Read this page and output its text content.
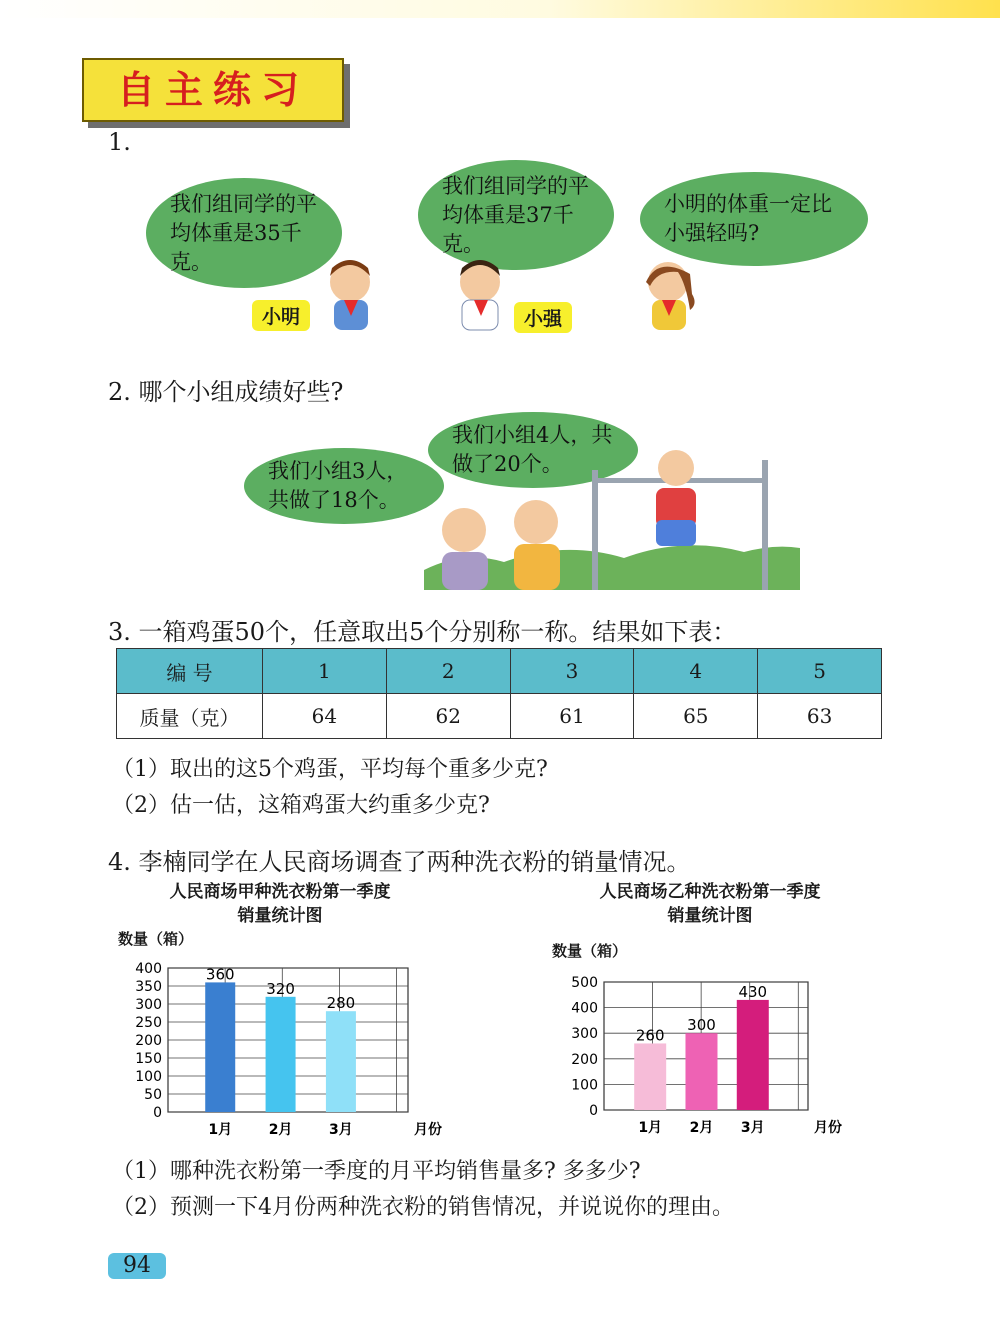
自主练习
1.
我们组同学的平均体重是35千克。
我们组同学的平均体重是37千克。
小明的体重一定比小强轻吗?
小明	小强
2. 哪个小组成绩好些?
我们小组4人，共做了20个。
我们小组3人，共做了18个。
3. 一箱鸡蛋50个，任意取出5个分别称一称。结果如下表：
编 号	1	2	3	4	5
质量（克）	64	62	61	65	63
（1）取出的这5个鸡蛋，平均每个重多少克?
（2）估一估，这箱鸡蛋大约重多少克?
4. 李楠同学在人民商场调查了两种洗衣粉的销量情况。
人民商场甲种洗衣粉第一季度
销量统计图
数量（箱）
0
50
100
150
200
250
300
350
400	360
1月
320
2月
280
3月	月份
人民商场乙种洗衣粉第一季度
销量统计图
数量（箱）
0
100
200
300
400
500
260
1月
300
2月
430
3月	月份
（1）哪种洗衣粉第一季度的月平均销售量多? 多多少?
（2）预测一下4月份两种洗衣粉的销售情况，并说说你的理由。
94
